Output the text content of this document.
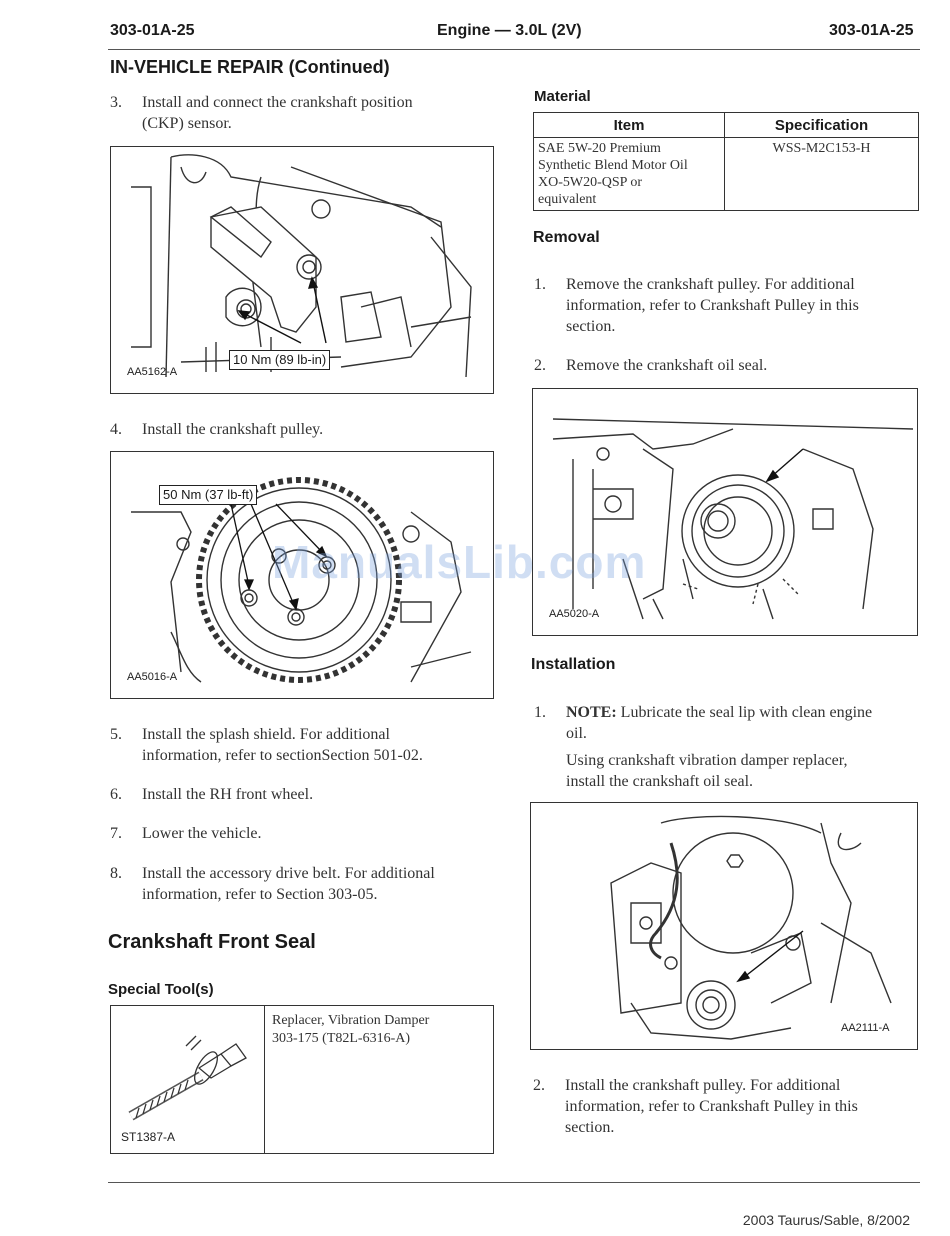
303-01A-25	Engine — 3.0L (2V)	303-01A-25
IN-VEHICLE REPAIR (Continued)
3. Install and connect the crankshaft position
(CKP) sensor.
10 Nm (89 lb-in)
AA5162-A
4. Install the crankshaft pulley.
50 Nm (37 lb-ft)
AA5016-A
5. Install the splash shield. For additional
information, refer to sectionSection 501-02.
6. Install the RH front wheel.
7. Lower the vehicle.
8. Install the accessory drive belt. For additional
information, refer to Section 303-05.
Crankshaft Front Seal
Special Tool(s)
ST1387-A
Replacer, Vibration Damper
303-175 (T82L-6316-A)
Material
Item	Specification

SAE 5W-20 Premium
Synthetic Blend Motor Oil
XO-5W20-QSP or
equivalent	WSS-M2C153-H
Removal
1. Remove the crankshaft pulley. For additional
information, refer to Crankshaft Pulley in this
section.
2. Remove the crankshaft oil seal.
AA5020-A
Installation
1. NOTE: Lubricate the seal lip with clean engine
oil.
Using crankshaft vibration damper replacer,
install the crankshaft oil seal.
AA2111-A
2. Install the crankshaft pulley. For additional
information, refer to Crankshaft Pulley in this
section.
ManualsLib.com
2003 Taurus/Sable, 8/2002
